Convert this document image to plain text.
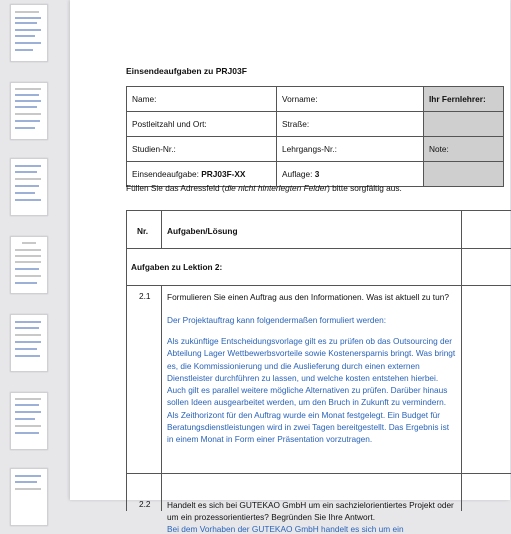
Einsendeaufgaben zu PRJ03F
Name:	Vorname:	Ihr Fernlehrer:
Postleitzahl und Ort:	Straße:	
Studien-Nr.:	Lehrgangs-Nr.:	Note:
Einsendeaufgabe: PRJ03F-XX	Auflage: 3	
Füllen Sie das Adressfeld (die nicht hinterlegten Felder) bitte sorgfältig aus.
Nr. Aufgaben/Lösung
Aufgaben zu Lektion 2:
2.1 Formulieren Sie einen Auftrag aus den Informationen. Was ist aktuell zu tun?

Der Projektauftrag kann folgendermaßen formuliert werden:

Als zukünftige Entscheidungsvorlage gilt es zu prüfen ob das Outsourcing der Abteilung Lager Wettbewerbsvorteile sowie Kostenersparnis bringt. Was bringt es, die Kommissionierung und die Auslieferung durch einen externen Dienstleister durchführen zu lassen, und welche kosten entstehen hierbei. Auch gilt es parallel weitere mögliche Alternativen zu prüfen. Darüber hinaus sollen Ideen ausgearbeitet werden, um den Bruch in Zukunft zu vermindern. Als Zeithorizont für den Auftrag wurde ein Monat festgelegt. Ein Budget für Beratungsdienstleistungen wird in zwei Tagen bereitgestellt. Das Ergebnis ist in einem Monat in Form einer Präsentation vorzutragen.

2.2 Handelt es sich bei GUTEKAO GmbH um ein sachzielorientiertes Projekt oder um ein prozessorientiertes? Begründen Sie Ihre Antwort.

Bei dem Vorhaben der GUTEKAO GmbH handelt es sich um ein
